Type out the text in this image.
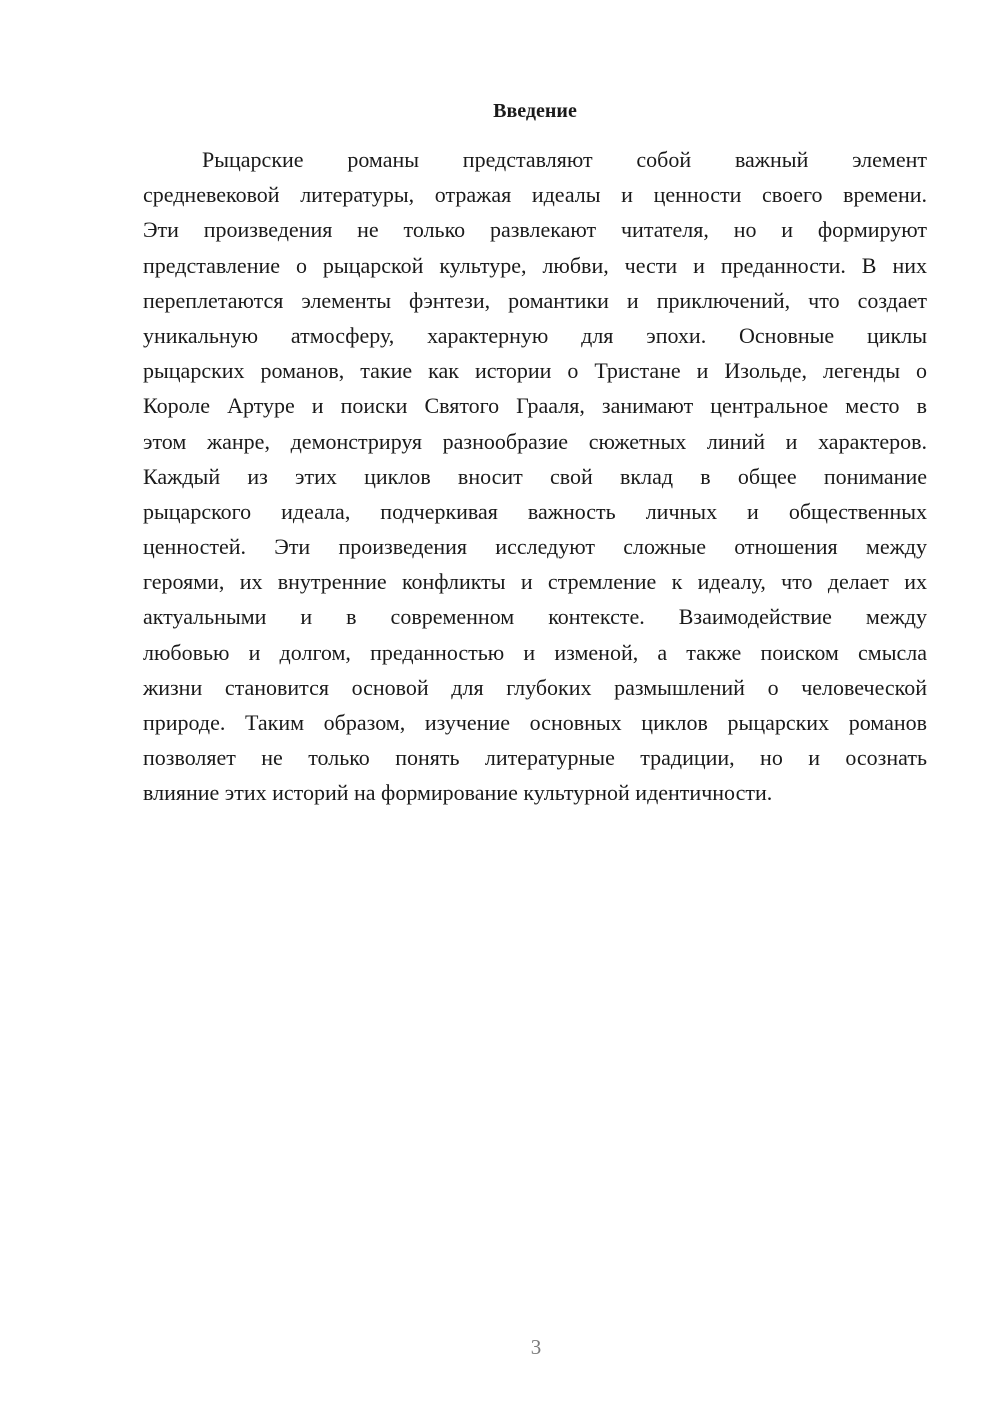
Введение
Рыцарские романы представляют собой важный элемент
средневековой литературы, отражая идеалы и ценности своего времени.
Эти произведения не только развлекают читателя, но и формируют
представление о рыцарской культуре, любви, чести и преданности. В них
переплетаются элементы фэнтези, романтики и приключений, что создает
уникальную атмосферу, характерную для эпохи. Основные циклы
рыцарских романов, такие как истории о Тристане и Изольде, легенды о
Короле Артуре и поиски Святого Грааля, занимают центральное место в
этом жанре, демонстрируя разнообразие сюжетных линий и характеров.
Каждый из этих циклов вносит свой вклад в общее понимание
рыцарского идеала, подчеркивая важность личных и общественных
ценностей. Эти произведения исследуют сложные отношения между
героями, их внутренние конфликты и стремление к идеалу, что делает их
актуальными и в современном контексте. Взаимодействие между
любовью и долгом, преданностью и изменой, а также поиском смысла
жизни становится основой для глубоких размышлений о человеческой
природе. Таким образом, изучение основных циклов рыцарских романов
позволяет не только понять литературные традиции, но и осознать
влияние этих историй на формирование культурной идентичности.
3
